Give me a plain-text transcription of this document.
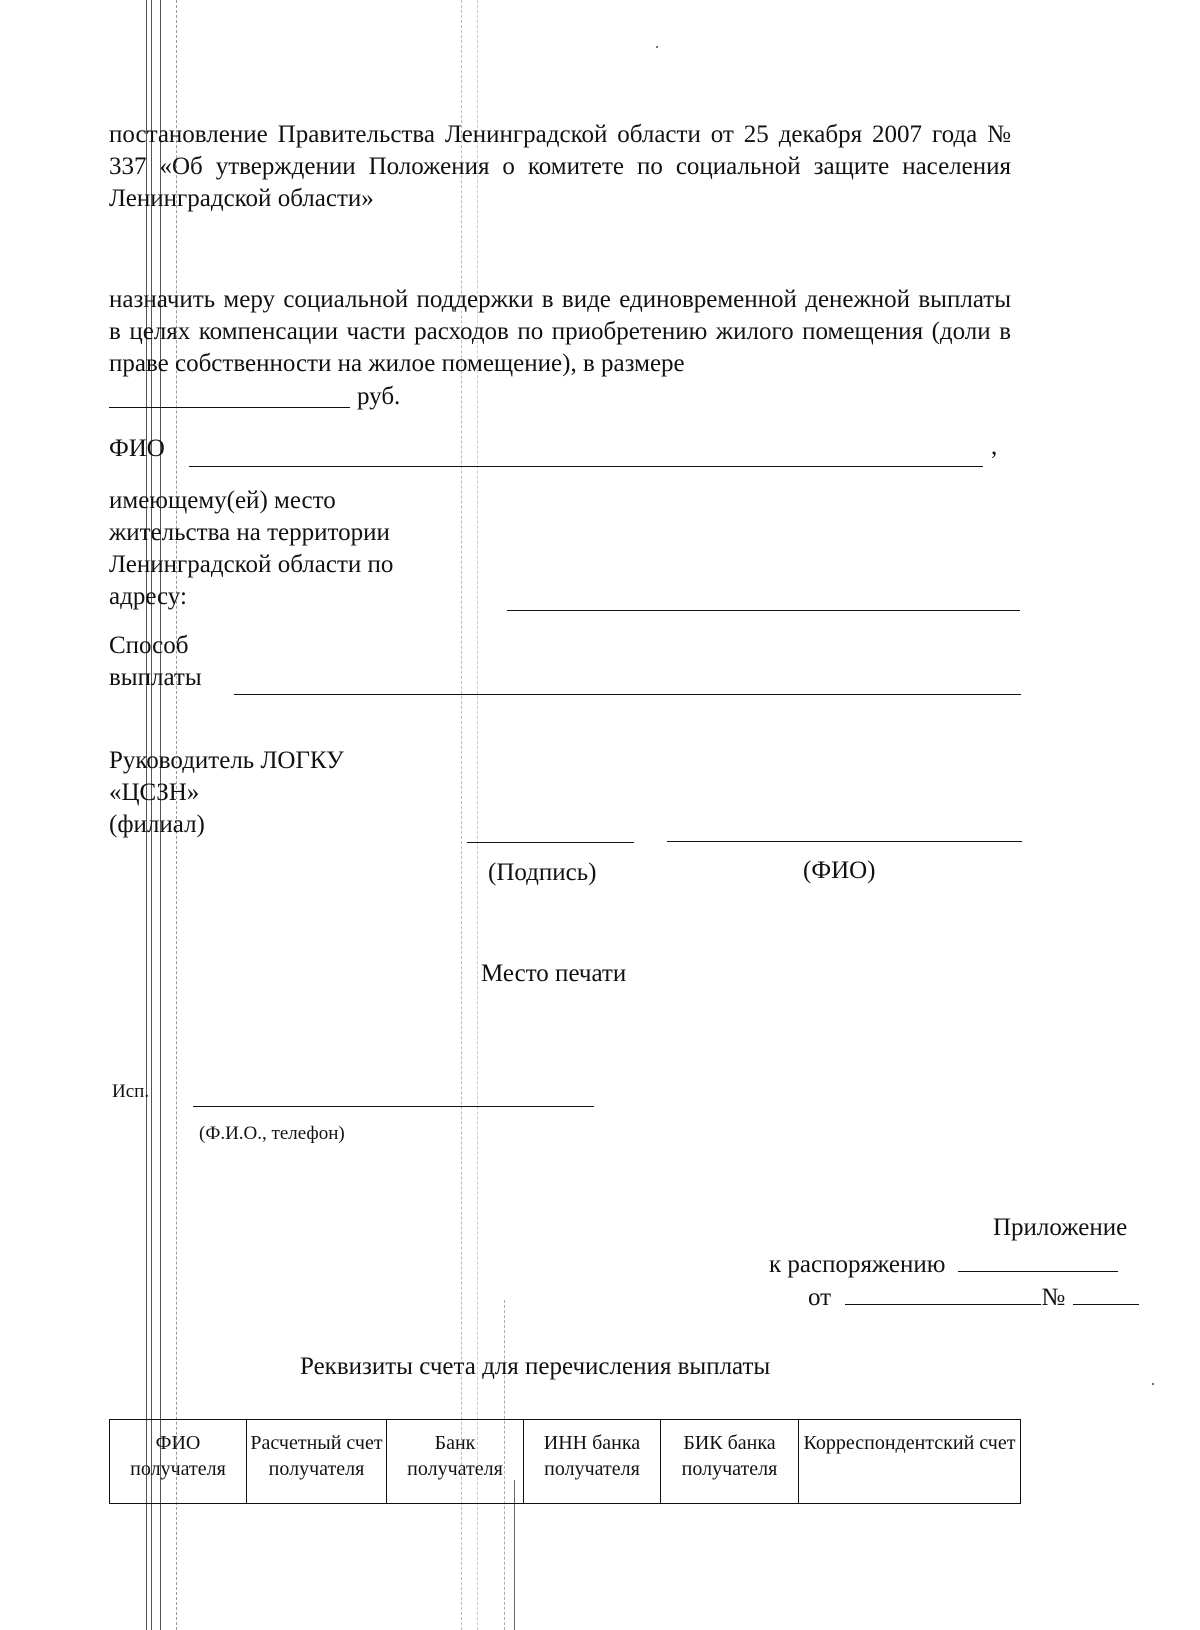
постановление Правительства Ленинградской области от 25 декабря 2007 года № 337 «Об утверждении Положения о комитете по социальной защите населения Ленинградской области»
назначить меру социальной поддержки в виде единовременной денежной выплаты в целях компенсации части расходов по приобретению жилого помещения (доли в праве собственности на жилое помещение), в размере
руб.
ФИО	,
имеющему(ей) место
жительства на территории
Ленинградской области по
адресу:
Способ
выплаты
Руководитель ЛОГКУ
«ЦСЗН»
(филиал)
(Подпись)	(ФИО)
Место печати
Исп.
(Ф.И.О., телефон)
Приложение
к распоряжению
от	№
Реквизиты счета для перечисления выплаты
ФИО получателя	Расчетный счет получателя	Банк получателя	ИНН банка получателя	БИК банка получателя	Корреспондентский счет
